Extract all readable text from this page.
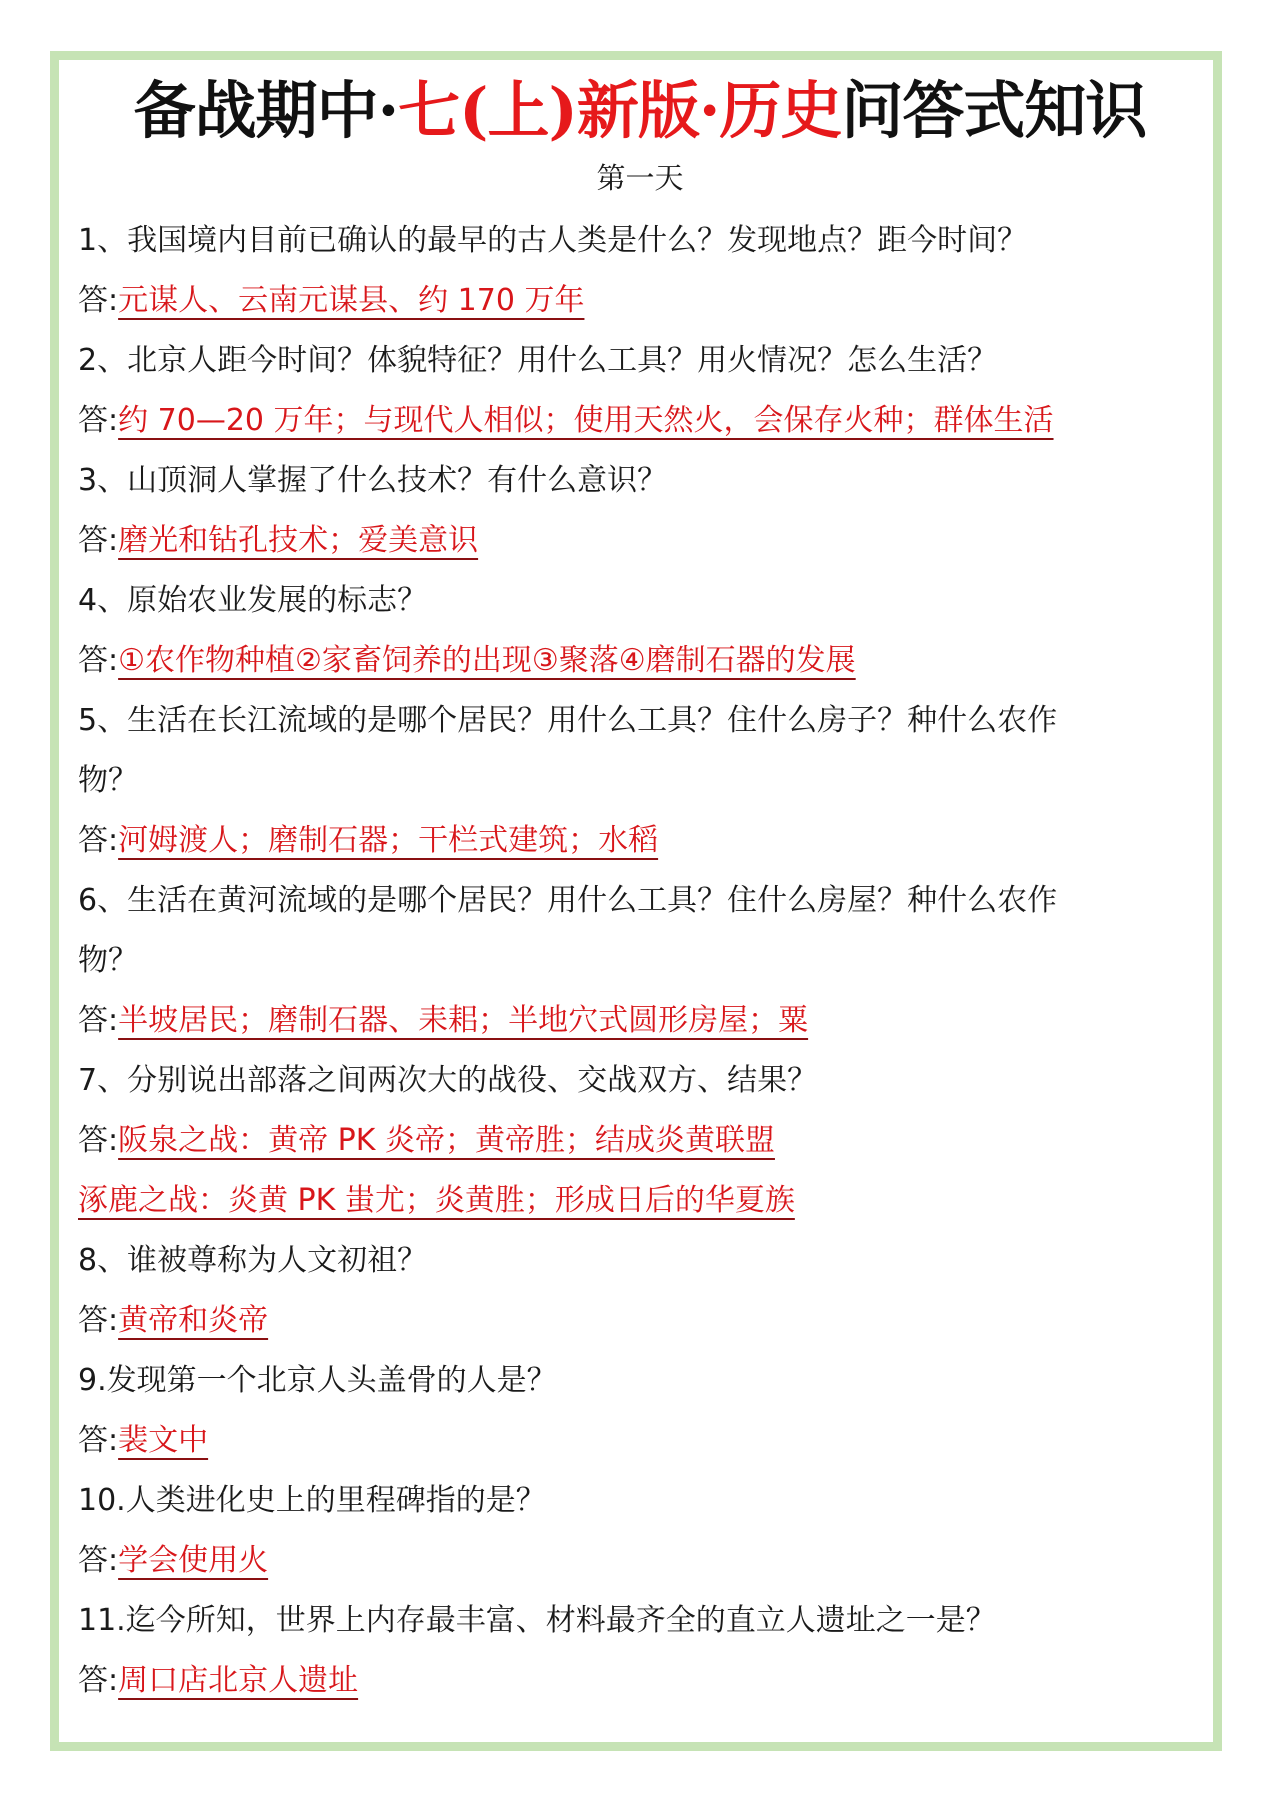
备战期中·七(上)新版·历史问答式知识
第一天
1、我国境内目前已确认的最早的古人类是什么？发现地点？距今时间？
答:元谋人、云南元谋县、约 170 万年
2、北京人距今时间？体貌特征？用什么工具？用火情况？怎么生活？
答:约 70—20 万年；与现代人相似；使用天然火，会保存火种；群体生活
3、山顶洞人掌握了什么技术？有什么意识？
答:磨光和钻孔技术；爱美意识
4、原始农业发展的标志？
答:①农作物种植②家畜饲养的出现③聚落④磨制石器的发展
5、生活在长江流域的是哪个居民？用什么工具？住什么房子？种什么农作
物？
答:河姆渡人；磨制石器；干栏式建筑；水稻
6、生活在黄河流域的是哪个居民？用什么工具？住什么房屋？种什么农作
物？
答:半坡居民；磨制石器、耒耜；半地穴式圆形房屋；粟
7、分别说出部落之间两次大的战役、交战双方、结果？
答:阪泉之战：黄帝 PK 炎帝；黄帝胜；结成炎黄联盟
涿鹿之战：炎黄 PK 蚩尤；炎黄胜；形成日后的华夏族
8、谁被尊称为人文初祖？
答:黄帝和炎帝
9.发现第一个北京人头盖骨的人是？
答:裴文中
10.人类进化史上的里程碑指的是？
答:学会使用火
11.迄今所知，世界上内存最丰富、材料最齐全的直立人遗址之一是？
答:周口店北京人遗址
